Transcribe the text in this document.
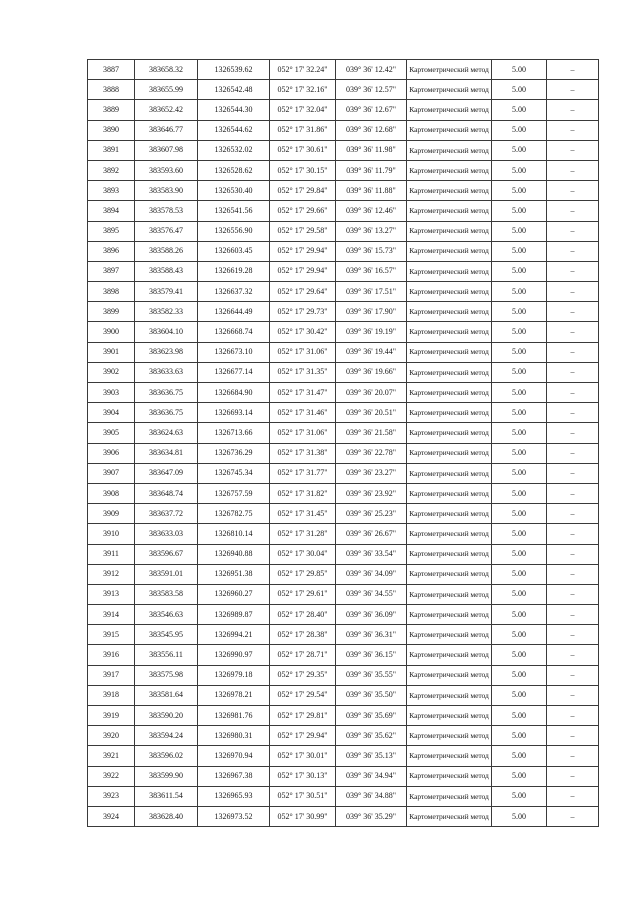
3887	383658.32	1326539.62	052° 17' 32.24"	039° 36' 12.42"	Картометрический метод	5.00	–
3888	383655.99	1326542.48	052° 17' 32.16"	039° 36' 12.57"	Картометрический метод	5.00	–
3889	383652.42	1326544.30	052° 17' 32.04"	039° 36' 12.67"	Картометрический метод	5.00	–
3890	383646.77	1326544.62	052° 17' 31.86"	039° 36' 12.68"	Картометрический метод	5.00	–
3891	383607.98	1326532.02	052° 17' 30.61"	039° 36' 11.98"	Картометрический метод	5.00	–
3892	383593.60	1326528.62	052° 17' 30.15"	039° 36' 11.79"	Картометрический метод	5.00	–
3893	383583.90	1326530.40	052° 17' 29.84"	039° 36' 11.88"	Картометрический метод	5.00	–
3894	383578.53	1326541.56	052° 17' 29.66"	039° 36' 12.46"	Картометрический метод	5.00	–
3895	383576.47	1326556.90	052° 17' 29.58"	039° 36' 13.27"	Картометрический метод	5.00	–
3896	383588.26	1326603.45	052° 17' 29.94"	039° 36' 15.73"	Картометрический метод	5.00	–
3897	383588.43	1326619.28	052° 17' 29.94"	039° 36' 16.57"	Картометрический метод	5.00	–
3898	383579.41	1326637.32	052° 17' 29.64"	039° 36' 17.51"	Картометрический метод	5.00	–
3899	383582.33	1326644.49	052° 17' 29.73"	039° 36' 17.90"	Картометрический метод	5.00	–
3900	383604.10	1326668.74	052° 17' 30.42"	039° 36' 19.19"	Картометрический метод	5.00	–
3901	383623.98	1326673.10	052° 17' 31.06"	039° 36' 19.44"	Картометрический метод	5.00	–
3902	383633.63	1326677.14	052° 17' 31.35"	039° 36' 19.66"	Картометрический метод	5.00	–
3903	383636.75	1326684.90	052° 17' 31.47"	039° 36' 20.07"	Картометрический метод	5.00	–
3904	383636.75	1326693.14	052° 17' 31.46"	039° 36' 20.51"	Картометрический метод	5.00	–
3905	383624.63	1326713.66	052° 17' 31.06"	039° 36' 21.58"	Картометрический метод	5.00	–
3906	383634.81	1326736.29	052° 17' 31.38"	039° 36' 22.78"	Картометрический метод	5.00	–
3907	383647.09	1326745.34	052° 17' 31.77"	039° 36' 23.27"	Картометрический метод	5.00	–
3908	383648.74	1326757.59	052° 17' 31.82"	039° 36' 23.92"	Картометрический метод	5.00	–
3909	383637.72	1326782.75	052° 17' 31.45"	039° 36' 25.23"	Картометрический метод	5.00	–
3910	383633.03	1326810.14	052° 17' 31.28"	039° 36' 26.67"	Картометрический метод	5.00	–
3911	383596.67	1326940.88	052° 17' 30.04"	039° 36' 33.54"	Картометрический метод	5.00	–
3912	383591.01	1326951.38	052° 17' 29.85"	039° 36' 34.09"	Картометрический метод	5.00	–
3913	383583.58	1326960.27	052° 17' 29.61"	039° 36' 34.55"	Картометрический метод	5.00	–
3914	383546.63	1326989.87	052° 17' 28.40"	039° 36' 36.09"	Картометрический метод	5.00	–
3915	383545.95	1326994.21	052° 17' 28.38"	039° 36' 36.31"	Картометрический метод	5.00	–
3916	383556.11	1326990.97	052° 17' 28.71"	039° 36' 36.15"	Картометрический метод	5.00	–
3917	383575.98	1326979.18	052° 17' 29.35"	039° 36' 35.55"	Картометрический метод	5.00	–
3918	383581.64	1326978.21	052° 17' 29.54"	039° 36' 35.50"	Картометрический метод	5.00	–
3919	383590.20	1326981.76	052° 17' 29.81"	039° 36' 35.69"	Картометрический метод	5.00	–
3920	383594.24	1326980.31	052° 17' 29.94"	039° 36' 35.62"	Картометрический метод	5.00	–
3921	383596.02	1326970.94	052° 17' 30.01"	039° 36' 35.13"	Картометрический метод	5.00	–
3922	383599.90	1326967.38	052° 17' 30.13"	039° 36' 34.94"	Картометрический метод	5.00	–
3923	383611.54	1326965.93	052° 17' 30.51"	039° 36' 34.88"	Картометрический метод	5.00	–
3924	383628.40	1326973.52	052° 17' 30.99"	039° 36' 35.29"	Картометрический метод	5.00	–
